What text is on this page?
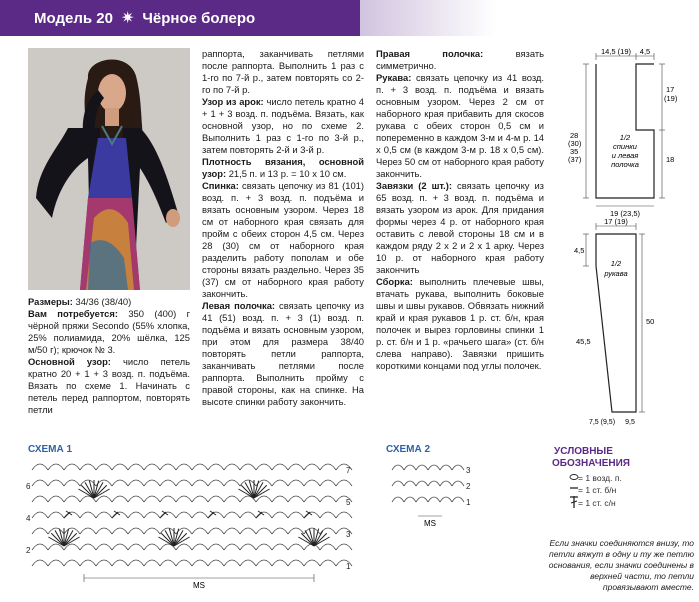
Модель 20 ✷ Чёрное болеро

Размеры: 34/36 (38/40)

Вам потребуется: 350 (400) г чёрной пряжи Secondo (55% хлопка, 25% полиамида, 20% шёлка, 125 м/50 г); крючок № 3.

Основной узор: число петель кратно 20 + 1 + 3 возд. п. подъёма. Вязать по схеме 1. Начинать с петель перед раппортом, повторять петли

раппорта, заканчивать петлями после раппорта. Выполнить 1 раз с 1-го по 7-й р., затем повторять со 2-го по 7-й р.

Узор из арок: число петель кратно 4 + 1 + 3 возд. п. подъёма. Вязать, как основной узор, но по схеме 2. Выполнить 1 раз с 1-го по 3-й р., затем повторять 2-й и 3-й р.

Плотность вязания, основной узор: 21,5 п. и 13 р. = 10 х 10 см.

Спинка: связать цепочку из 81 (101) возд. п. + 3 возд. п. подъёма и вязать основным узором. Через 18 см от наборного края связать для пройм с обеих сторон 4,5 см. Через 28 (30) см от наборного края разделить работу пополам и обе стороны вязать раздельно. Через 35 (37) см от наборного края работу закончить.

Левая полочка: связать цепочку из 41 (51) возд. п. + 3 (1) возд. п. подъёма и вязать основным узором, при этом для размера 38/40 повторять петли раппорта, заканчивать петлями после раппорта. Выполнить пройму с правой стороны, как на спинке. На высоте спинки работу закончить.

Правая полочка: вязать симметрично.

Рукава: связать цепочку из 41 возд. п. + 3 возд. п. подъёма и вязать основным узором. Через 2 см от наборного края прибавить для скосов рукава с обеих сторон 0,5 см и попеременно в каждом 3-м и 4-м р. 14 х 0,5 см (в каждом 3-м р. 18 х 0,5 см). Через 50 см от наборного края работу закончить.

Завязки (2 шт.): связать цепочку из 65 возд. п. + 3 возд. п. подъёма и вязать узором из арок. Для придания формы через 4 р. от наборного края оставить с левой стороны 18 см и в каждом ряду 2 х 2 и 2 х 1 арку. Через 10 р. от наборного края работу закончить

Сборка: выполнить плечевые швы, втачать рукава, выполнить боковые швы и швы рукавов. Обвязать нижний край и края рукавов 1 р. ст. б/н, края полочек и вырез горловины спинки 1 р. ст. б/н и 1 р. «рачьего шага» (ст. б/н слева направо). Завязки пришить короткими концами под углы полочек.

14,5 (19) 4,5
17
(19)
18
28
(30)
35
(37)
19 (23,5)
1/2
спинки
и левая
полочка
17 (19)
4,5
45,5
50
1/2
рукава
7,5 (9,5) 9,5
СХЕМА 1
7
6
5
4
3
2
1
MS
СХЕМА 2
3
2
1
MS
УСЛОВНЫЕ
ОБОЗНАЧЕНИЯ
= 1 возд. п.
= 1 ст. б/н
= 1 ст. с/н
Если значки соединяются внизу, то петли вяжут в одну и ту же петлю основания, если значки соединены в верхней части, то петли провязывают вместе.
